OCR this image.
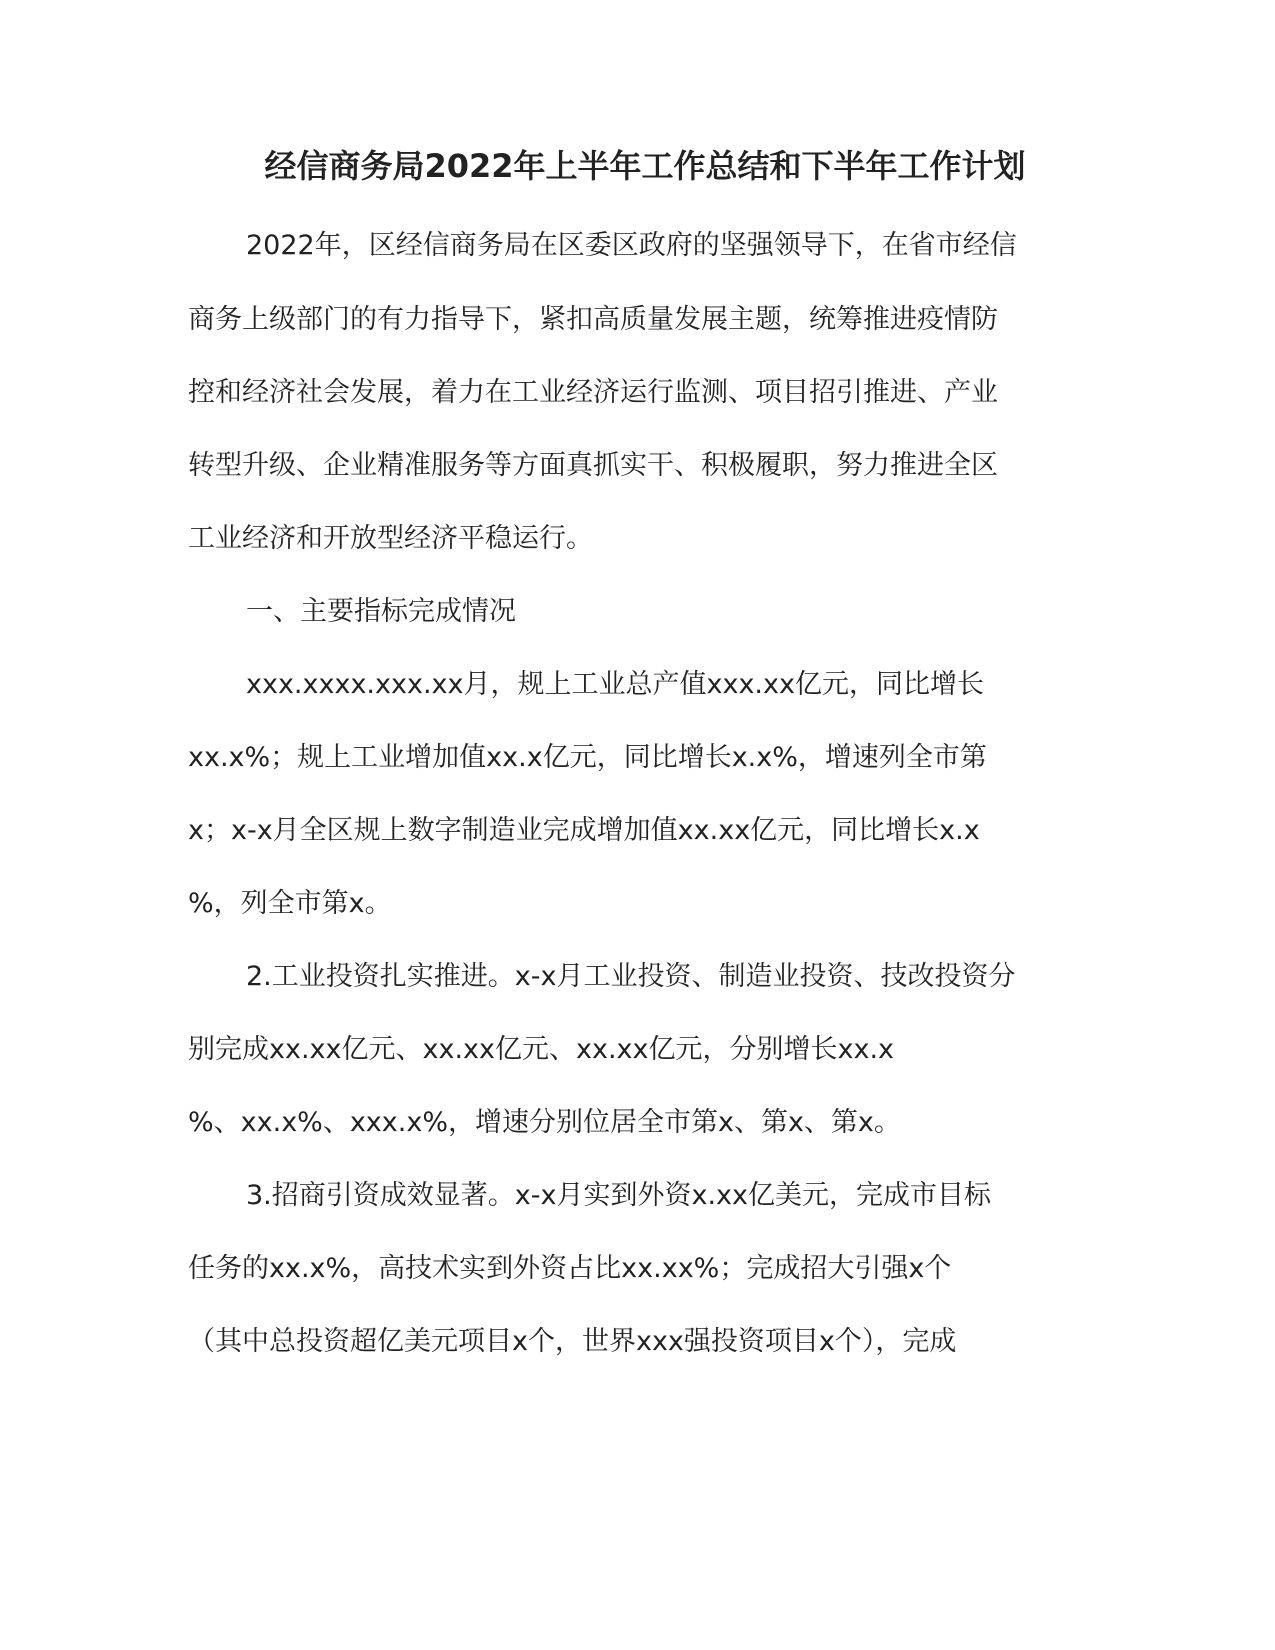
经信商务局2022年上半年工作总结和下半年工作计划
2022年，区经信商务局在区委区政府的坚强领导下，在省市经信
商务上级部门的有力指导下，紧扣高质量发展主题，统筹推进疫情防
控和经济社会发展，着力在工业经济运行监测、项目招引推进、产业
转型升级、企业精准服务等方面真抓实干、积极履职，努力推进全区
工业经济和开放型经济平稳运行。
一、主要指标完成情况
xxx.xxxx.xxx.xx月，规上工业总产值xxx.xx亿元，同比增长
xx.x%；规上工业增加值xx.x亿元，同比增长x.x%，增速列全市第
x；x-x月全区规上数字制造业完成增加值xx.xx亿元，同比增长x.x
%，列全市第x。
2.工业投资扎实推进。x-x月工业投资、制造业投资、技改投资分
别完成xx.xx亿元、xx.xx亿元、xx.xx亿元，分别增长xx.x
%、xx.x%、xxx.x%，增速分别位居全市第x、第x、第x。
3.招商引资成效显著。x-x月实到外资x.xx亿美元，完成市目标
任务的xx.x%，高技术实到外资占比xx.xx%；完成招大引强x个
（其中总投资超亿美元项目x个，世界xxx强投资项目x个），完成
